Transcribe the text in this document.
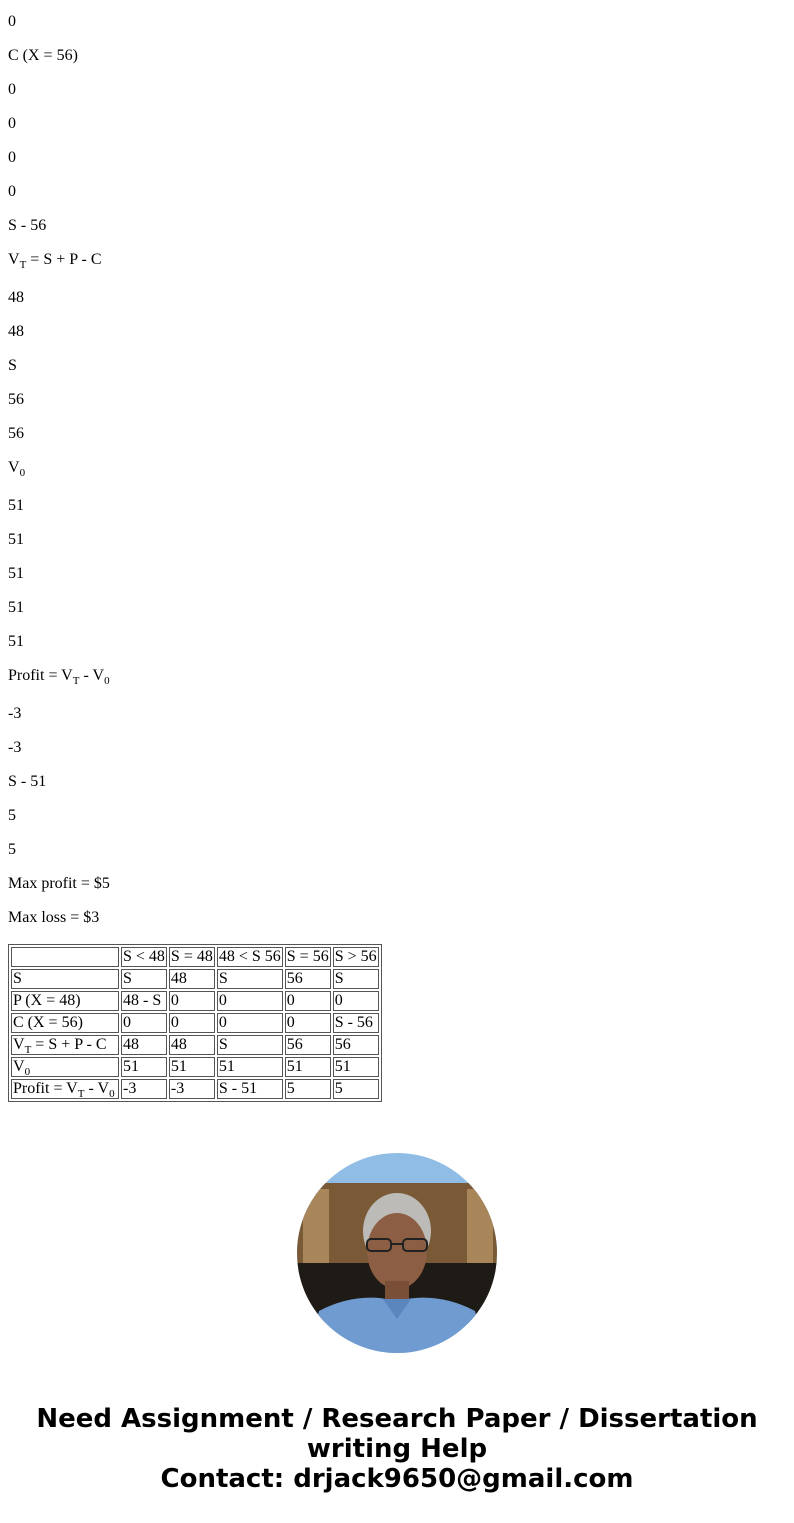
0

C (X = 56)

0

0

0

0

S - 56

$V_T = S + P - C$

48

48

S

56

56

$V_0$

51

51

51

51

51

Profit = $V_T - V_0$

-3

-3

S - 51

5

5

Max profit = $5

Max loss = $3

	S < 48	S = 48	48 < S 56	S = 56	S > 56
S	S	48	S	56	S
P (X = 48)	48 - S	0	0	0	0
C (X = 56)	0	0	0	0	S - 56
$V_T = S + P - C$	48	48	S	56	56
$V_0$	51	51	51	51	51
Profit = $V_T - V_0$	-3	-3	S - 51	5	5

Need Assignment / Research Paper / Dissertation

writing Help

Contact: drjack9650@gmail.com
